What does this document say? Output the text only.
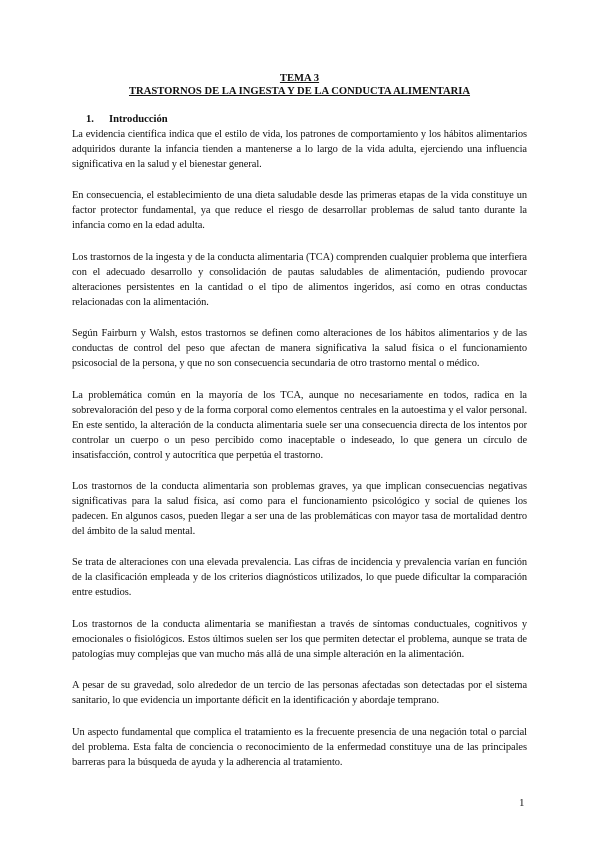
TEMA 3

TRASTORNOS DE LA INGESTA Y DE LA CONDUCTA ALIMENTARIA

1.	Introducción

La evidencia científica indica que el estilo de vida, los patrones de comportamiento y los hábitos alimentarios adquiridos durante la infancia tienden a mantenerse a lo largo de la vida adulta, ejerciendo una influencia significativa en la salud y el bienestar general.

En consecuencia, el establecimiento de una dieta saludable desde las primeras etapas de la vida constituye un factor protector fundamental, ya que reduce el riesgo de desarrollar problemas de salud tanto durante la infancia como en la edad adulta.

Los trastornos de la ingesta y de la conducta alimentaria (TCA) comprenden cualquier problema que interfiera con el adecuado desarrollo y consolidación de pautas saludables de alimentación, pudiendo provocar alteraciones persistentes en la cantidad o el tipo de alimentos ingeridos, así como en otras conductas relacionadas con la alimentación.

Según Fairburn y Walsh, estos trastornos se definen como alteraciones de los hábitos alimentarios y de las conductas de control del peso que afectan de manera significativa la salud física o el funcionamiento psicosocial de la persona, y que no son consecuencia secundaria de otro trastorno mental o médico.

La problemática común en la mayoría de los TCA, aunque no necesariamente en todos, radica en la sobrevaloración del peso y de la forma corporal como elementos centrales en la autoestima y el valor personal. En este sentido, la alteración de la conducta alimentaria suele ser una consecuencia directa de los intentos por controlar un cuerpo o un peso percibido como inaceptable o indeseado, lo que genera un círculo de insatisfacción, control y autocrítica que perpetúa el trastorno.

Los trastornos de la conducta alimentaria son problemas graves, ya que implican consecuencias negativas significativas para la salud física, así como para el funcionamiento psicológico y social de quienes los padecen. En algunos casos, pueden llegar a ser una de las problemáticas con mayor tasa de mortalidad dentro del ámbito de la salud mental.

Se trata de alteraciones con una elevada prevalencia. Las cifras de incidencia y prevalencia varían en función de la clasificación empleada y de los criterios diagnósticos utilizados, lo que puede dificultar la comparación entre estudios.

Los trastornos de la conducta alimentaria se manifiestan a través de síntomas conductuales, cognitivos y emocionales o fisiológicos. Estos últimos suelen ser los que permiten detectar el problema, aunque se trata de patologías muy complejas que van mucho más allá de una simple alteración en la alimentación.

A pesar de su gravedad, solo alrededor de un tercio de las personas afectadas son detectadas por el sistema sanitario, lo que evidencia un importante déficit en la identificación y abordaje temprano.

Un aspecto fundamental que complica el tratamiento es la frecuente presencia de una negación total o parcial del problema. Esta falta de conciencia o reconocimiento de la enfermedad constituye una de las principales barreras para la búsqueda de ayuda y la adherencia al tratamiento.

1
